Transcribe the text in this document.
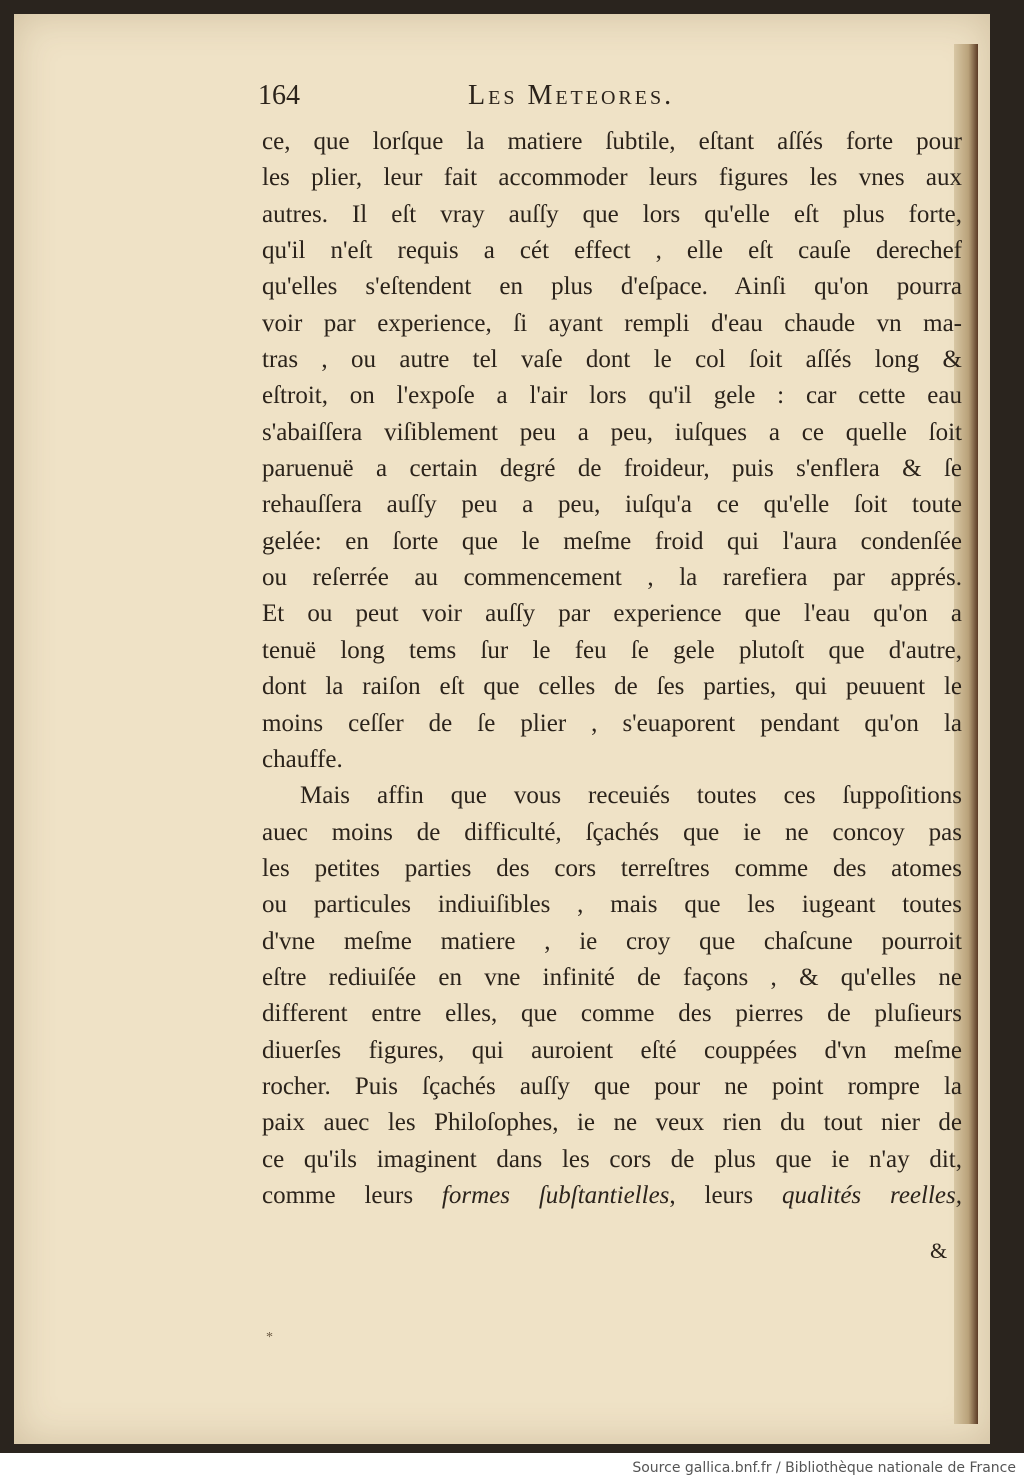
164	Les Meteores.
ce, que lorſque la matiere ſubtile, eſtant aſſés forte pour
les plier, leur fait accommoder leurs figures les vnes aux
autres. Il eſt vray auſſy que lors qu'elle eſt plus forte,
qu'il n'eſt requis a cét effect , elle eſt cauſe derechef
qu'elles s'eſtendent en plus d'eſpace. Ainſi qu'on pourra
voir par experience, ſi ayant rempli d'eau chaude vn ma-
tras , ou autre tel vaſe dont le col ſoit aſſés long &
eſtroit, on l'expoſe a l'air lors qu'il gele : car cette eau
s'abaiſſera viſiblement peu a peu, iuſques a ce quelle ſoit
paruenuë a certain degré de froideur, puis s'enflera & ſe
rehauſſera auſſy peu a peu, iuſqu'a ce qu'elle ſoit toute
gelée: en ſorte que le meſme froid qui l'aura condenſée
ou reſerrée au commencement , la rarefiera par apprés.
Et ou peut voir auſſy par experience que l'eau qu'on a
tenuë long tems ſur le feu ſe gele plutoſt que d'autre,
dont la raiſon eſt que celles de ſes parties, qui peuuent le
moins ceſſer de ſe plier , s'euaporent pendant qu'on la
chauffe.
Mais affin que vous receuiés toutes ces ſuppoſitions
auec moins de difficulté, ſçachés que ie ne concoy pas
les petites parties des cors terreſtres comme des atomes
ou particules indiuiſibles , mais que les iugeant toutes
d'vne meſme matiere , ie croy que chaſcune pourroit
eſtre rediuiſée en vne infinité de façons , & qu'elles ne
different entre elles, que comme des pierres de pluſieurs
diuerſes figures, qui auroient eſté couppées d'vn meſme
rocher. Puis ſçachés auſſy que pour ne point rompre la
paix auec les Philoſophes, ie ne veux rien du tout nier de
ce qu'ils imaginent dans les cors de plus que ie n'ay dit,
comme leurs formes ſubſtantielles, leurs qualités reelles,
&
*
Source gallica.bnf.fr / Bibliothèque nationale de France
